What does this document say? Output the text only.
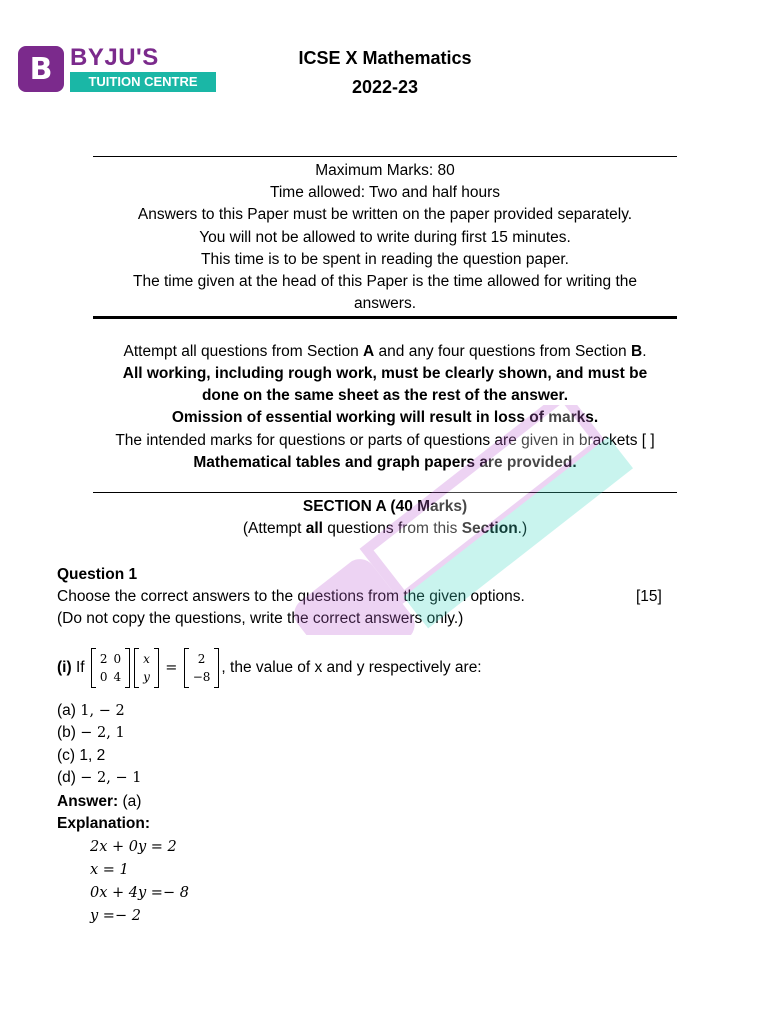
B BYJU'S
TUITION CENTRE
ICSE X Mathematics
2022-23
Maximum Marks: 80
Time allowed: Two and half hours
Answers to this Paper must be written on the paper provided separately.
You will not be allowed to write during first 15 minutes.
This time is to be spent in reading the question paper.
The time given at the head of this Paper is the time allowed for writing the
answers.
Attempt all questions from Section A and any four questions from Section B.
All working, including rough work, must be clearly shown, and must be
done on the same sheet as the rest of the answer.
Omission of essential working will result in loss of marks.
The intended marks for questions or parts of questions are given in brackets [ ]
Mathematical tables and graph papers are provided.
SECTION A (40 Marks)
(Attempt all questions from this Section.)
Question 1
Choose the correct answers to the questions from the given options.	[15]
(Do not copy the questions, write the correct answers only.)
(i) If
2	0
0	4
x
y
=
2
−8
, the value of x and y respectively are:
(a) 1, − 2
(b) − 2, 1
(c) 1, 2
(d) − 2, − 1
Answer: (a)
Explanation:
2x + 0y = 2
x = 1
0x + 4y =− 8
y =− 2
